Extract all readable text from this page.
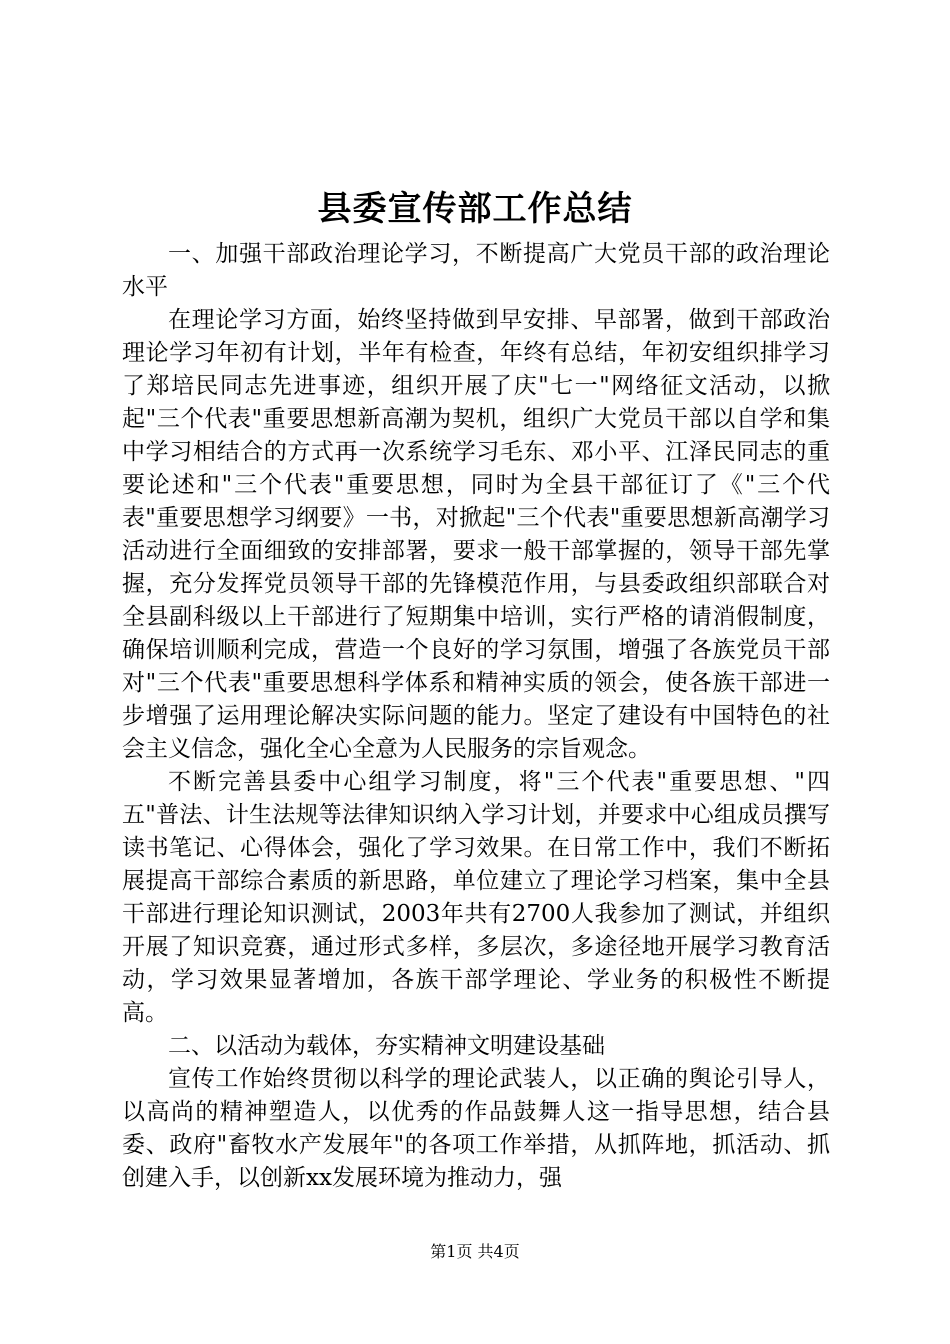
县委宣传部工作总结

一、加强干部政治理论学习，不断提高广大党员干部的政治理论水平

在理论学习方面，始终坚持做到早安排、早部署，做到干部政治理论学习年初有计划，半年有检查，年终有总结，年初安组织排学习了郑培民同志先进事迹，组织开展了庆"七一"网络征文活动，以掀起"三个代表"重要思想新高潮为契机，组织广大党员干部以自学和集中学习相结合的方式再一次系统学习毛东、邓小平、江泽民同志的重要论述和"三个代表"重要思想，同时为全县干部征订了《"三个代表"重要思想学习纲要》一书，对掀起"三个代表"重要思想新高潮学习活动进行全面细致的安排部署，要求一般干部掌握的，领导干部先掌握，充分发挥党员领导干部的先锋模范作用，与县委政组织部联合对全县副科级以上干部进行了短期集中培训，实行严格的请消假制度，确保培训顺利完成，营造一个良好的学习氛围，增强了各族党员干部对"三个代表"重要思想科学体系和精神实质的领会，使各族干部进一步增强了运用理论解决实际问题的能力。坚定了建设有中国特色的社会主义信念，强化全心全意为人民服务的宗旨观念。

不断完善县委中心组学习制度，将"三个代表"重要思想、"四五"普法、计生法规等法律知识纳入学习计划，并要求中心组成员撰写读书笔记、心得体会，强化了学习效果。在日常工作中，我们不断拓展提高干部综合素质的新思路，单位建立了理论学习档案，集中全县干部进行理论知识测试，2003年共有2700人我参加了测试，并组织开展了知识竞赛，通过形式多样，多层次，多途径地开展学习教育活动，学习效果显著增加，各族干部学理论、学业务的积极性不断提高。

二、以活动为载体，夯实精神文明建设基础

宣传工作始终贯彻以科学的理论武装人，以正确的舆论引导人，以高尚的精神塑造人，以优秀的作品鼓舞人这一指导思想，结合县委、政府"畜牧水产发展年"的各项工作举措，从抓阵地，抓活动、抓创建入手，以创新xx发展环境为推动力，强

第1页 共4页
